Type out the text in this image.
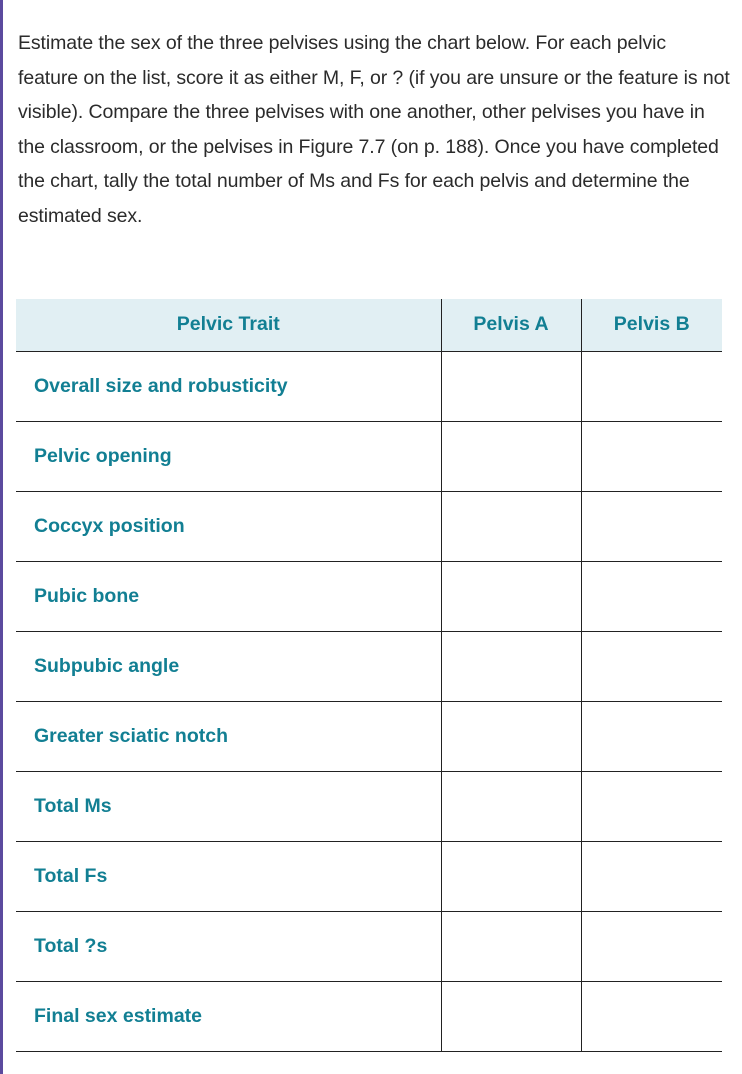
Estimate the sex of the three pelvises using the chart below. For each pelvic feature on the list, score it as either M, F, or ? (if you are unsure or the feature is not visible). Compare the three pelvises with one another, other pelvises you have in the classroom, or the pelvises in Figure 7.7 (on p. 188). Once you have completed the chart, tally the total number of Ms and Fs for each pelvis and determine the estimated sex.

Pelvic Trait	Pelvis A	Pelvis B
Overall size and robusticity		
Pelvic opening		
Coccyx position		
Pubic bone		
Subpubic angle		
Greater sciatic notch		
Total Ms		
Total Fs		
Total ?s		
Final sex estimate		
